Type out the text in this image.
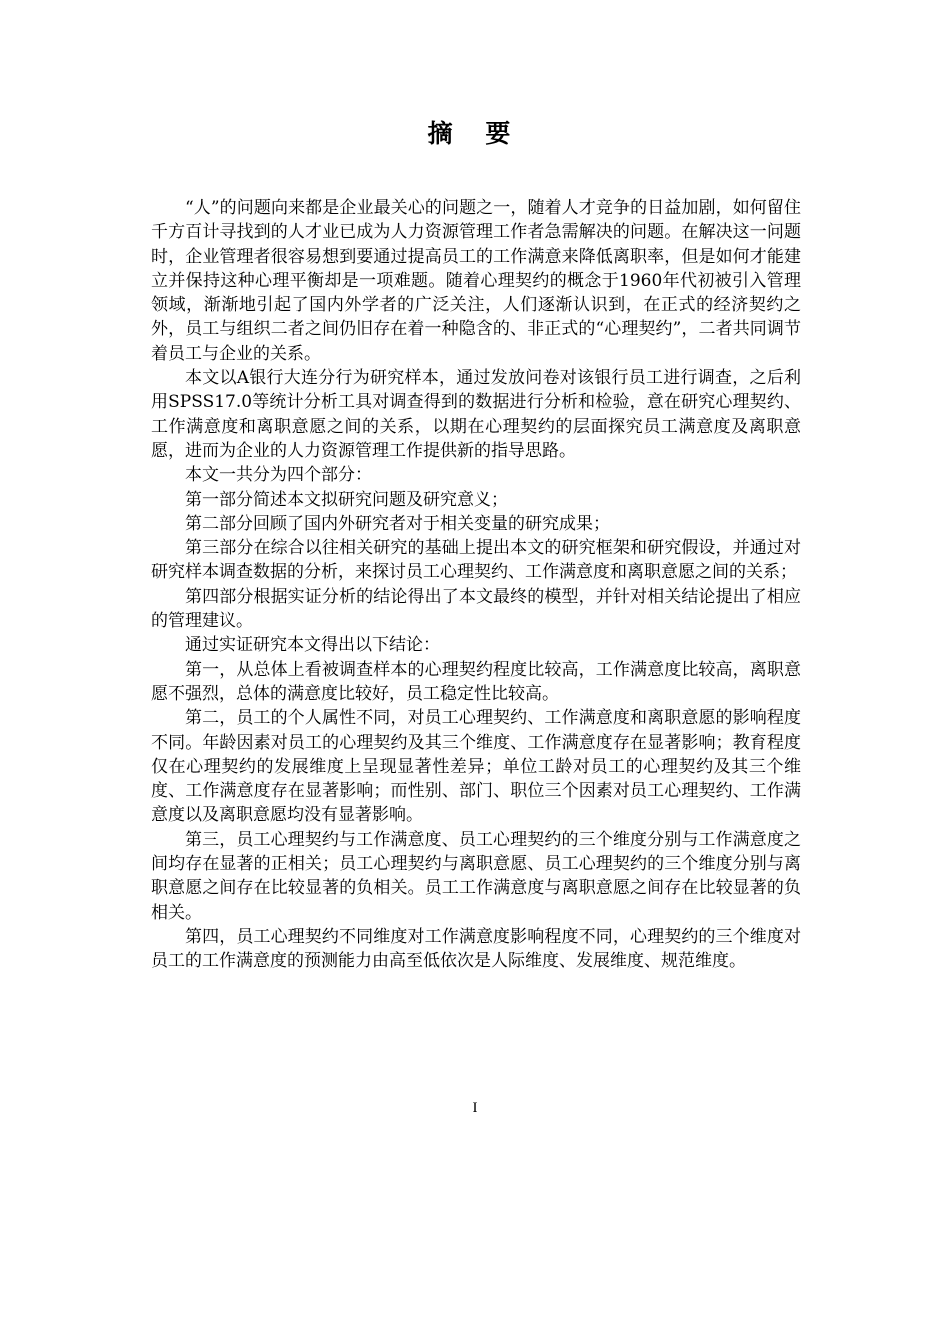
摘 要

“人”的问题向来都是企业最关心的问题之一，随着人才竞争的日益加剧，如何留住千方百计寻找到的人才业已成为人力资源管理工作者急需解决的问题。在解决这一问题时，企业管理者很容易想到要通过提高员工的工作满意来降低离职率，但是如何才能建立并保持这种心理平衡却是一项难题。随着心理契约的概念于1960年代初被引入管理领域，渐渐地引起了国内外学者的广泛关注，人们逐渐认识到，在正式的经济契约之外，员工与组织二者之间仍旧存在着一种隐含的、非正式的“心理契约”，二者共同调节着员工与企业的关系。

本文以A银行大连分行为研究样本，通过发放问卷对该银行员工进行调查，之后利用SPSS17.0等统计分析工具对调查得到的数据进行分析和检验，意在研究心理契约、工作满意度和离职意愿之间的关系，以期在心理契约的层面探究员工满意度及离职意愿，进而为企业的人力资源管理工作提供新的指导思路。

本文一共分为四个部分：

第一部分简述本文拟研究问题及研究意义；

第二部分回顾了国内外研究者对于相关变量的研究成果；

第三部分在综合以往相关研究的基础上提出本文的研究框架和研究假设，并通过对研究样本调查数据的分析，来探讨员工心理契约、工作满意度和离职意愿之间的关系；

第四部分根据实证分析的结论得出了本文最终的模型，并针对相关结论提出了相应的管理建议。

通过实证研究本文得出以下结论：

第一，从总体上看被调查样本的心理契约程度比较高，工作满意度比较高，离职意愿不强烈，总体的满意度比较好，员工稳定性比较高。

第二，员工的个人属性不同，对员工心理契约、工作满意度和离职意愿的影响程度不同。年龄因素对员工的心理契约及其三个维度、工作满意度存在显著影响；教育程度仅在心理契约的发展维度上呈现显著性差异；单位工龄对员工的心理契约及其三个维度、工作满意度存在显著影响；而性别、部门、职位三个因素对员工心理契约、工作满意度以及离职意愿均没有显著影响。

第三，员工心理契约与工作满意度、员工心理契约的三个维度分别与工作满意度之间均存在显著的正相关；员工心理契约与离职意愿、员工心理契约的三个维度分别与离职意愿之间存在比较显著的负相关。员工工作满意度与离职意愿之间存在比较显著的负相关。

第四，员工心理契约不同维度对工作满意度影响程度不同，心理契约的三个维度对员工的工作满意度的预测能力由高至低依次是人际维度、发展维度、规范维度。

I
